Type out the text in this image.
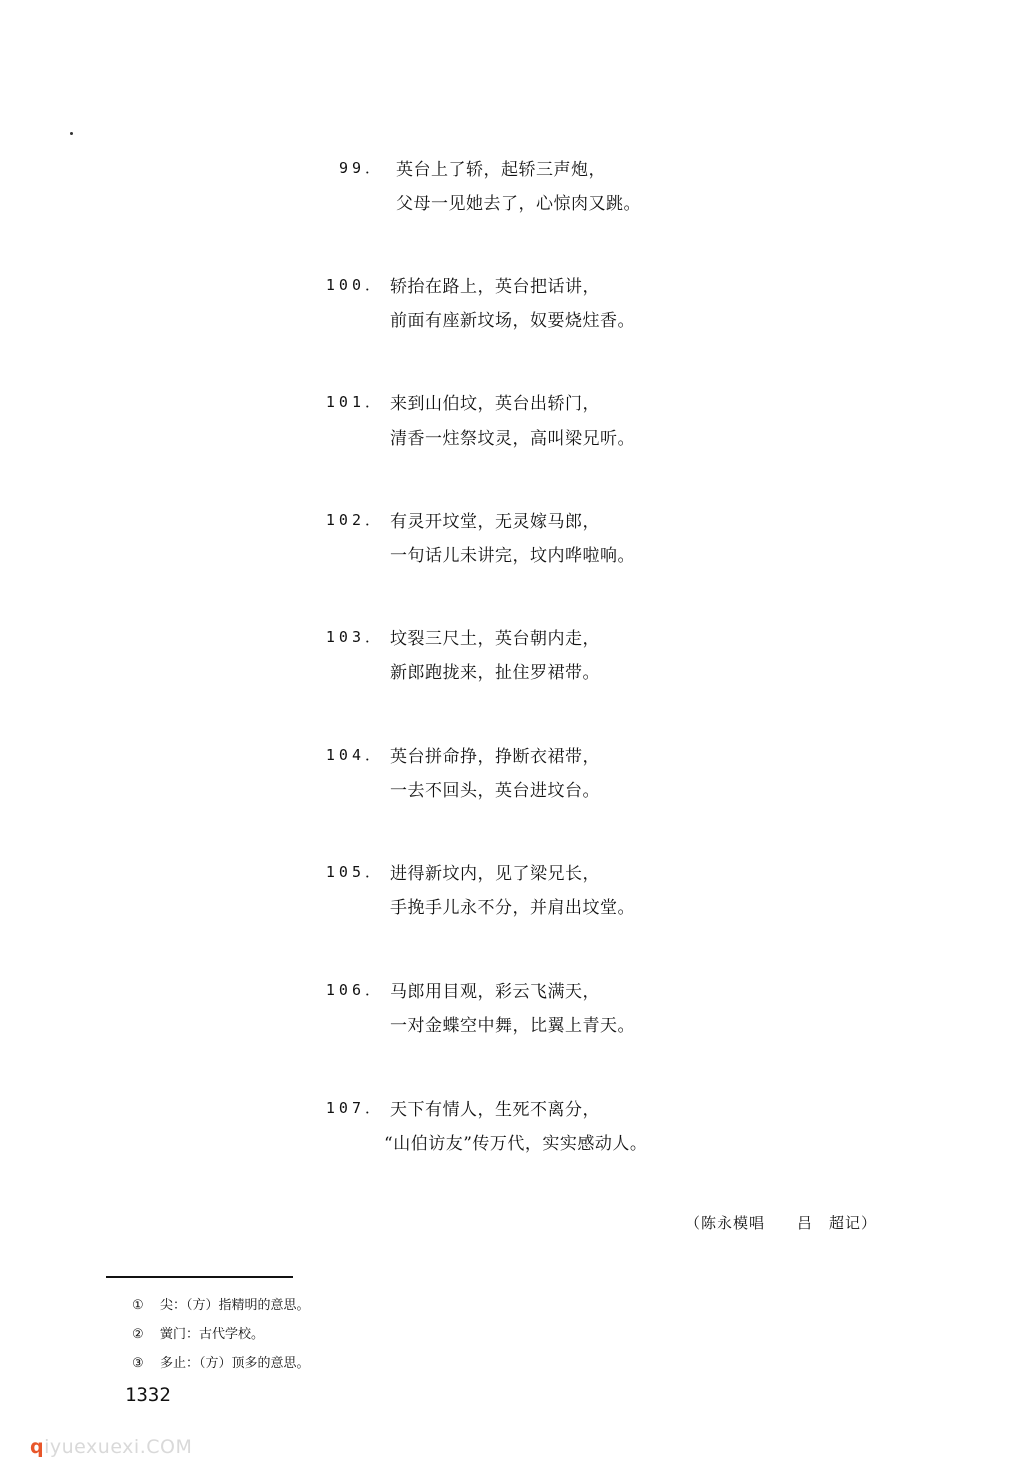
99． 英台上了轿，起轿三声炮，
父母一见她去了，心惊肉又跳。
100． 轿抬在路上，英台把话讲，
前面有座新坟场，奴要烧炷香。
101． 来到山伯坟，英台出轿门，
清香一炷祭坟灵，高叫梁兄听。
102． 有灵开坟堂，无灵嫁马郎，
一句话儿未讲完，坟内哗啦响。
103． 坟裂三尺土，英台朝内走，
新郎跑拢来，扯住罗裙带。
104． 英台拼命挣，挣断衣裙带，
一去不回头，英台进坟台。
105． 进得新坟内，见了梁兄长，
手挽手儿永不分，并肩出坟堂。
106． 马郎用目观，彩云飞满天，
一对金蝶空中舞，比翼上青天。
107． 天下有情人，生死不离分，
“山伯访友”传万代，实实感动人。
（陈永模唱　　吕　超记）
① 尖：（方）指精明的意思。
② 黉门：古代学校。
③ 多止：（方）顶多的意思。
1332
qiyuexuexi.COM
